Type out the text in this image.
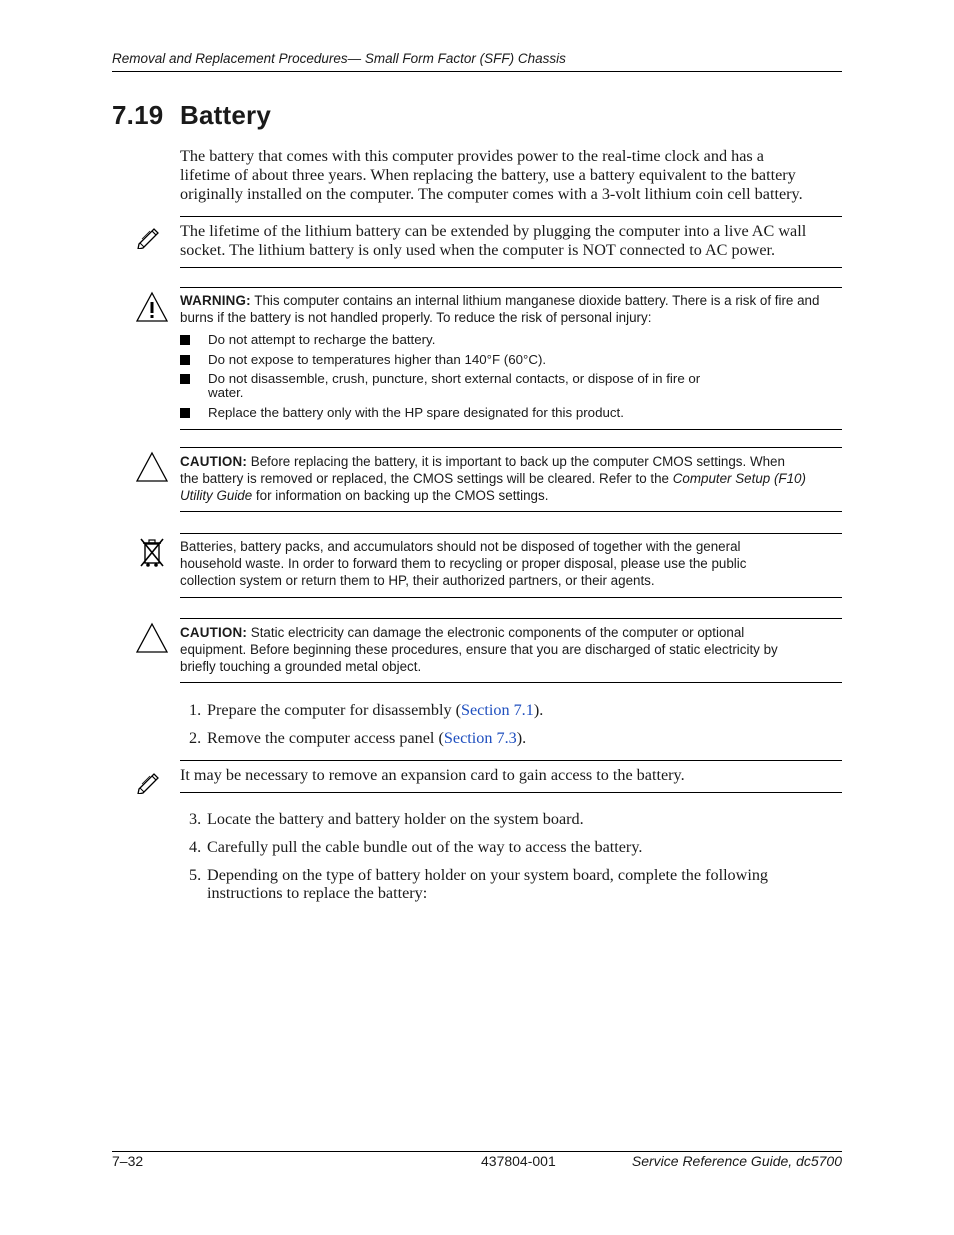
Removal and Replacement Procedures— Small Form Factor (SFF) Chassis
7.19 Battery
The battery that comes with this computer provides power to the real-time clock and has a
lifetime of about three years. When replacing the battery, use a battery equivalent to the battery
originally installed on the computer. The computer comes with a 3-volt lithium coin cell battery.
The lifetime of the lithium battery can be extended by plugging the computer into a live AC wall
socket. The lithium battery is only used when the computer is NOT connected to AC power.
WARNING: This computer contains an internal lithium manganese dioxide battery. There is a risk of fire and
burns if the battery is not handled properly. To reduce the risk of personal injury:
Do not attempt to recharge the battery.
Do not expose to temperatures higher than 140°F (60°C).
Do not disassemble, crush, puncture, short external contacts, or dispose of in fire or water.
Replace the battery only with the HP spare designated for this product.
CAUTION: Before replacing the battery, it is important to back up the computer CMOS settings. When
the battery is removed or replaced, the CMOS settings will be cleared. Refer to the Computer Setup (F10)
Utility Guide for information on backing up the CMOS settings.
Batteries, battery packs, and accumulators should not be disposed of together with the general
household waste. In order to forward them to recycling or proper disposal, please use the public
collection system or return them to HP, their authorized partners, or their agents.
CAUTION: Static electricity can damage the electronic components of the computer or optional
equipment. Before beginning these procedures, ensure that you are discharged of static electricity by
briefly touching a grounded metal object.
1. Prepare the computer for disassembly (Section 7.1).
2. Remove the computer access panel (Section 7.3).
It may be necessary to remove an expansion card to gain access to the battery.
3. Locate the battery and battery holder on the system board.
4. Carefully pull the cable bundle out of the way to access the battery.
5. Depending on the type of battery holder on your system board, complete the following
instructions to replace the battery:
7–32	437804-001	Service Reference Guide, dc5700
